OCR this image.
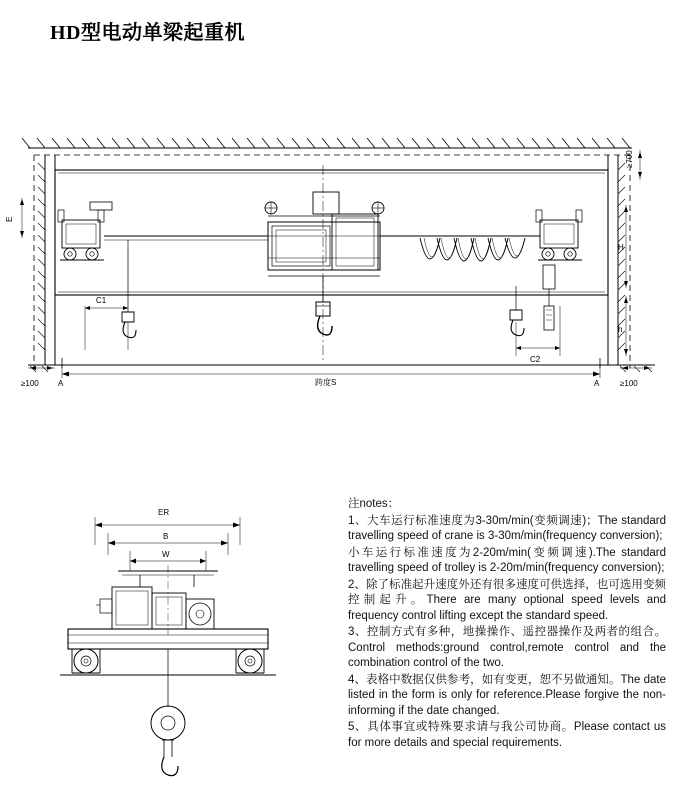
HD型电动单梁起重机
≥100	≥100
≥700
H
h
E
C1
C2
A	A
跨度S
ER
B
W

注notes：

1、大车运行标准速度为3-30m/min(变频调速)；The standard travelling speed of crane is 3-30m/min(frequency conversion);

小车运行标准速度为2-20m/min(变频调速).The standard travelling speed of trolley is 2-20m/min(frequency conversion);

2、除了标准起升速度外还有很多速度可供选择，也可选用变频控制起升。There are many optional speed levels and frequency control lifting except the standard speed.

3、控制方式有多种，地操操作、遥控器操作及两者的组合。Control methods:ground control,remote control and the combination control of the two.

4、表格中数据仅供参考，如有变更，恕不另做通知。The date listed in the form is only for reference.Please forgive the non-informing if the date changed.

5、具体事宜或特殊要求请与我公司协商。Please contact us for more details and special requirements.
